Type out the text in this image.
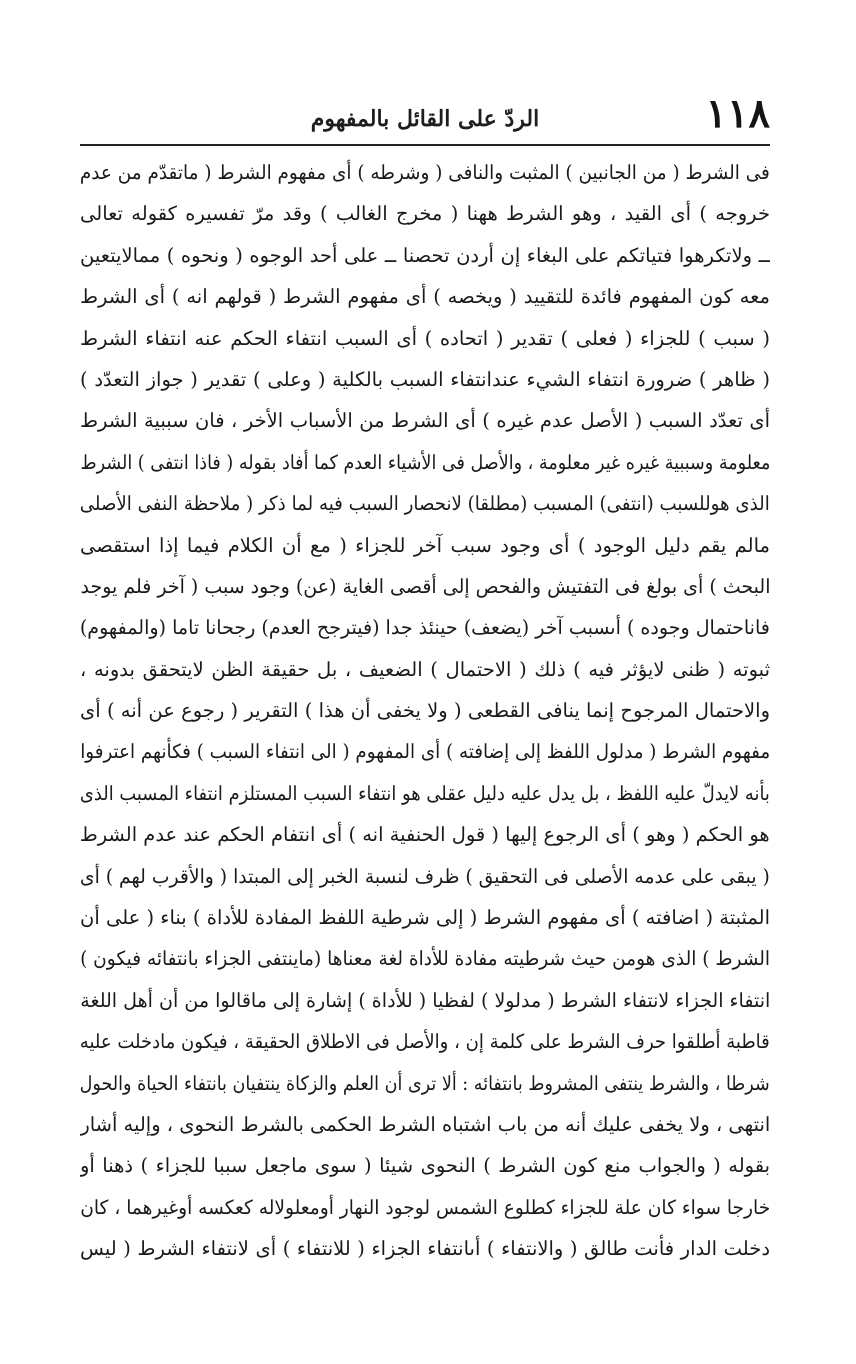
١١٨
الردّ على القائل بالمفهوم
فى الشرط ( من الجانبين ) المثبت والنافى ( وشرطه ) أى مفهوم الشرط ( ماتقدّم من عدم
خروجه ) أى القيد ، وهو الشرط ههنا ( مخرج الغالب ) وقد مرّ تفسيره كقوله تعالى
ــ ولاتكرهوا فتياتكم على البغاء إن أردن تحصنا ــ على أحد الوجوه ( ونحوه ) ممالايتعين
معه كون المفهوم فائدة للتقييد ( ويخصه ) أى مفهوم الشرط ( قولهم انه ) أى الشرط
( سبب ) للجزاء ( فعلى ) تقدير ( اتحاده ) أى السبب انتفاء الحكم عنه انتفاء الشرط
( ظاهر ) ضرورة انتفاء الشيء عندانتفاء السبب بالكلية ( وعلى ) تقدير ( جواز التعدّد )
أى تعدّد السبب ( الأصل عدم غيره ) أى الشرط من الأسباب الأخر ، فان سببية الشرط
معلومة وسببية غيره غير معلومة ، والأصل فى الأشياء العدم كما أفاد بقوله ( فاذا انتفى ) الشرط
الذى هوللسبب (انتفى) المسبب (مطلقا) لانحصار السبب فيه لما ذكر ( ملاحظة النفى الأصلى
مالم يقم دليل الوجود ) أى وجود سبب آخر للجزاء ( مع أن الكلام فيما إذا استقصى
البحث ) أى بولغ فى التفتيش والفحص إلى أقصى الغاية (عن) وجود سبب ( آخر فلم يوجد
فاناحتمال وجوده ) أىسبب آخر (يضعف) حينئذ جدا (فيترجح العدم) رجحانا تاما (والمفهوم)
ثبوته ( ظنى لايؤثر فيه ) ذلك ( الاحتمال ) الضعيف ، بل حقيقة الظن لايتحقق بدونه ،
والاحتمال المرجوح إنما ينافى القطعى ( ولا يخفى أن هذا ) التقرير ( رجوع عن أنه ) أى
مفهوم الشرط ( مدلول اللفظ إلى إضافته ) أى المفهوم ( الى انتفاء السبب ) فكأنهم اعترفوا
بأنه لايدلّ عليه اللفظ ، بل يدل عليه دليل عقلى هو انتفاء السبب المستلزم انتفاء المسبب الذى
هو الحكم ( وهو ) أى الرجوع إليها ( قول الحنفية انه ) أى انتفام الحكم عند عدم الشرط
( يبقى على عدمه الأصلى فى التحقيق ) ظرف لنسبة الخبر إلى المبتدا ( والأقرب لهم ) أى
المثبتة ( اضافته ) أى مفهوم الشرط ( إلى شرطية اللفظ المفادة للأداة ) بناء ( على أن
الشرط ) الذى هومن حيث شرطيته مفادة للأداة لغة معناها (ماينتفى الجزاء بانتفائه فيكون )
انتفاء الجزاء لانتفاء الشرط ( مدلولا ) لفظيا ( للأداة ) إشارة إلى ماقالوا من أن أهل اللغة
قاطبة أطلقوا حرف الشرط على كلمة إن ، والأصل فى الاطلاق الحقيقة ، فيكون مادخلت عليه
شرطا ، والشرط ينتفى المشروط بانتفائه : ألا ترى أن العلم والزكاة ينتفيان بانتفاء الحياة والحول
انتهى ، ولا يخفى عليك أنه من باب اشتباه الشرط الحكمى بالشرط النحوى ، وإليه أشار
بقوله ( والجواب منع كون الشرط ) النحوى شيئا ( سوى ماجعل سببا للجزاء ) ذهنا أو
خارجا سواء كان علة للجزاء كطلوع الشمس لوجود النهار أومعلولاله كعكسه أوغيرهما ، كان
دخلت الدار فأنت طالق ( والانتفاء ) أىانتفاء الجزاء ( للانتفاء ) أى لانتفاء الشرط ( ليس
